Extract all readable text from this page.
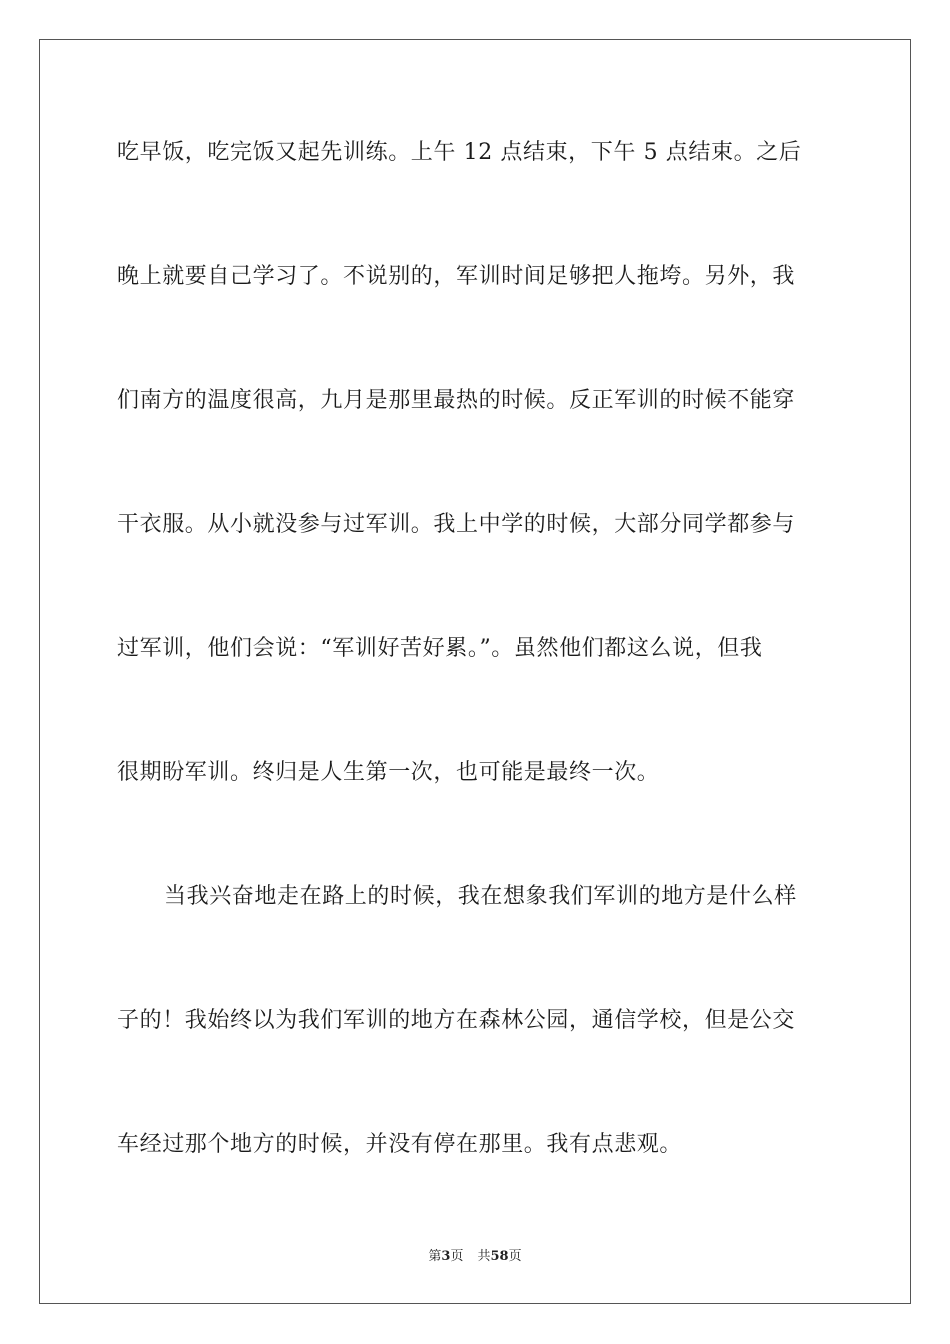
吃早饭，吃完饭又起先训练。上午 12 点结束，下午 5 点结束。之后
晚上就要自己学习了。不说别的，军训时间足够把人拖垮。另外，我
们南方的温度很高，九月是那里最热的时候。反正军训的时候不能穿
干衣服。从小就没参与过军训。我上中学的时候，大部分同学都参与
过军训，他们会说：“军训好苦好累。”。虽然他们都这么说，但我
很期盼军训。终归是人生第一次，也可能是最终一次。
当我兴奋地走在路上的时候，我在想象我们军训的地方是什么样
子的！我始终以为我们军训的地方在森林公园，通信学校，但是公交
车经过那个地方的时候，并没有停在那里。我有点悲观。
第3页 共58页
